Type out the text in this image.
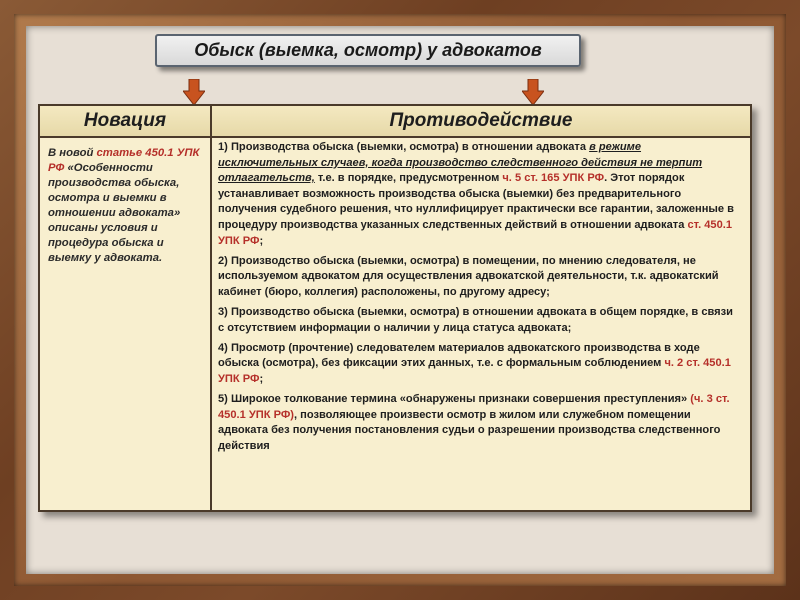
Обыск (выемка, осмотр) у адвокатов
Новация	Противодействие
В новой статье 450.1 УПК РФ «Особенности производства обыска, осмотра и выемки в отношении адвоката» описаны условия и процедура обыска и выемку у адвоката.

1) Производства обыска (выемки, осмотра) в отношении адвоката в режиме исключительных случаев, когда производство следственного действия не терпит отлагательств, т.е. в порядке, предусмотренном ч. 5 ст. 165 УПК РФ. Этот порядок устанавливает возможность производства обыска (выемки) без предварительного получения судебного решения, что нуллифицирует практически все гарантии, заложенные в процедуру производства указанных следственных действий в отношении адвоката ст. 450.1 УПК РФ;

2) Производство обыска (выемки, осмотра) в помещении, по мнению следователя, не используемом адвокатом для осуществления адвокатской деятельности, т.к. адвокатский кабинет (бюро, коллегия) расположены, по другому адресу;

3) Производство обыска (выемки, осмотра) в отношении адвоката в общем порядке, в связи с отсутствием информации о наличии у лица статуса адвоката;

4) Просмотр (прочтение) следователем материалов адвокатского производства в ходе обыска (осмотра), без фиксации этих данных, т.е. с формальным соблюдением ч. 2 ст. 450.1 УПК РФ;

5) Широкое толкование термина «обнаружены признаки совершения преступления» (ч. 3 ст. 450.1 УПК РФ), позволяющее произвести осмотр в жилом или служебном помещении адвоката без получения постановления судьи о разрешении производства следственного действия
